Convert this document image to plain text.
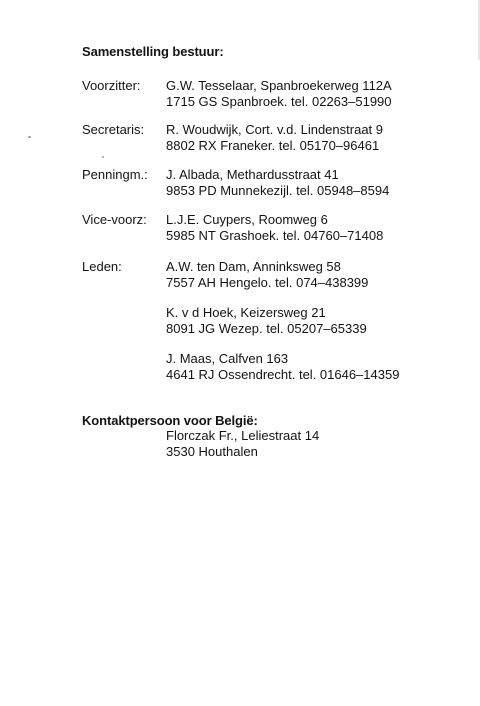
Samenstelling bestuur:
Voorzitter: G.W. Tesselaar, Spanbroekerweg 112A
1715 GS Spanbroek. tel. 02263–51990
Secretaris: R. Woudwijk, Cort. v.d. Lindenstraat 9
8802 RX Franeker. tel. 05170–96461
Penningm.: J. Albada, Methardusstraat 41
9853 PD Munnekezijl. tel. 05948–8594
Vice-voorz: L.J.E. Cuypers, Roomweg 6
5985 NT Grashoek. tel. 04760–71408
Leden:	A.W. ten Dam, Anninksweg 58
7557 AH Hengelo. tel. 074–438399
K. v d Hoek, Keizersweg 21
8091 JG Wezep. tel. 05207–65339
J. Maas, Calfven 163
4641 RJ Ossendrecht. tel. 01646–14359
Kontaktpersoon voor België:
Florczak Fr., Leliestraat 14
3530 Houthalen
